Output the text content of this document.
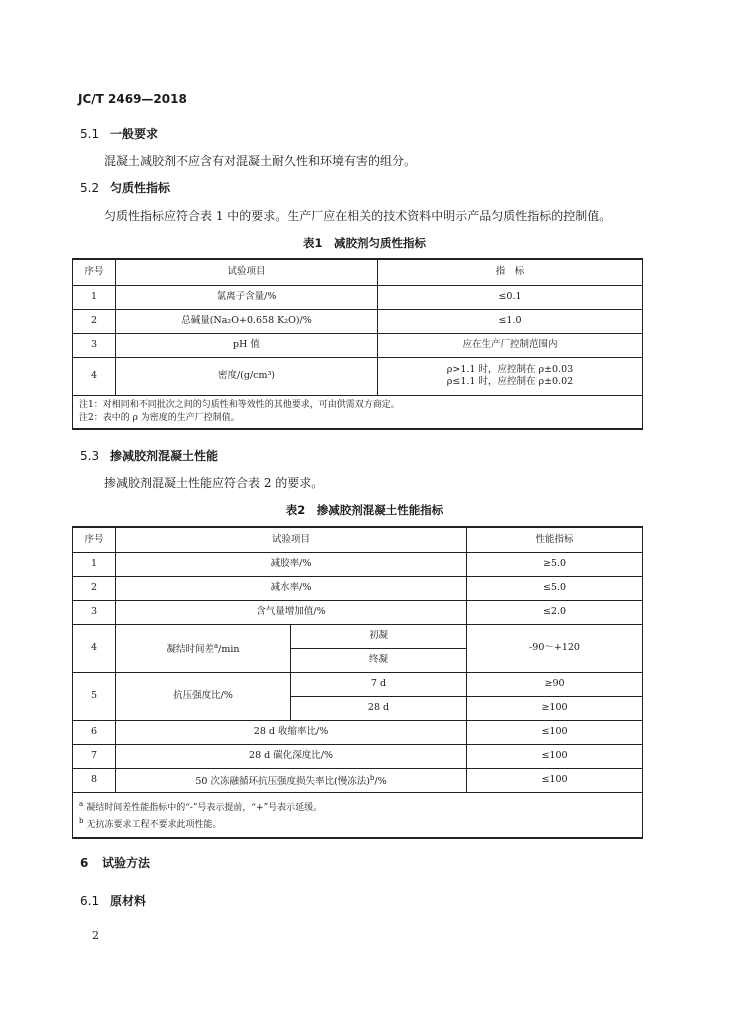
JC/T 2469—2018
5.1 一般要求
混凝土减胶剂不应含有对混凝土耐久性和环境有害的组分。
5.2 匀质性指标
匀质性指标应符合表 1 中的要求。生产厂应在相关的技术资料中明示产品匀质性指标的控制值。
表1　减胶剂匀质性指标
序号	试验项目	指　标
1	氯离子含量/%	≤0.1
2	总碱量(Na₂O+0.658 K₂O)/%	≤1.0
3	pH 值	应在生产厂控制范围内
4	密度/(g/cm³)	ρ>1.1 时，应控制在 ρ±0.03
ρ≤1.1 时，应控制在 ρ±0.02

注1：对相同和不同批次之间的匀质性和等效性的其他要求，可由供需双方商定。
注2：表中的 ρ 为密度的生产厂控制值。		
5.3 掺减胶剂混凝土性能
掺减胶剂混凝土性能应符合表 2 的要求。
表2　掺减胶剂混凝土性能指标
序号	试验项目		性能指标
1	减胶率/%		≥5.0
2	减水率/%		≤5.0
3	含气量增加值/%		≤2.0
4	凝结时间差$^a$/min	初凝	-90～+120
		终凝	
5	抗压强度比/%	7 d	≥90
		28 d	≥100
6	28 d 收缩率比/%		≤100
7	28 d 碳化深度比/%		≤100
8	50 次冻融循环抗压强度损失率比(慢冻法)$^b$/%		≤100

$^a$ 凝结时间差性能指标中的“-”号表示提前，“+”号表示延缓。
$^b$ 无抗冻要求工程不要求此项性能。			
6 试验方法
6.1 原材料
2
